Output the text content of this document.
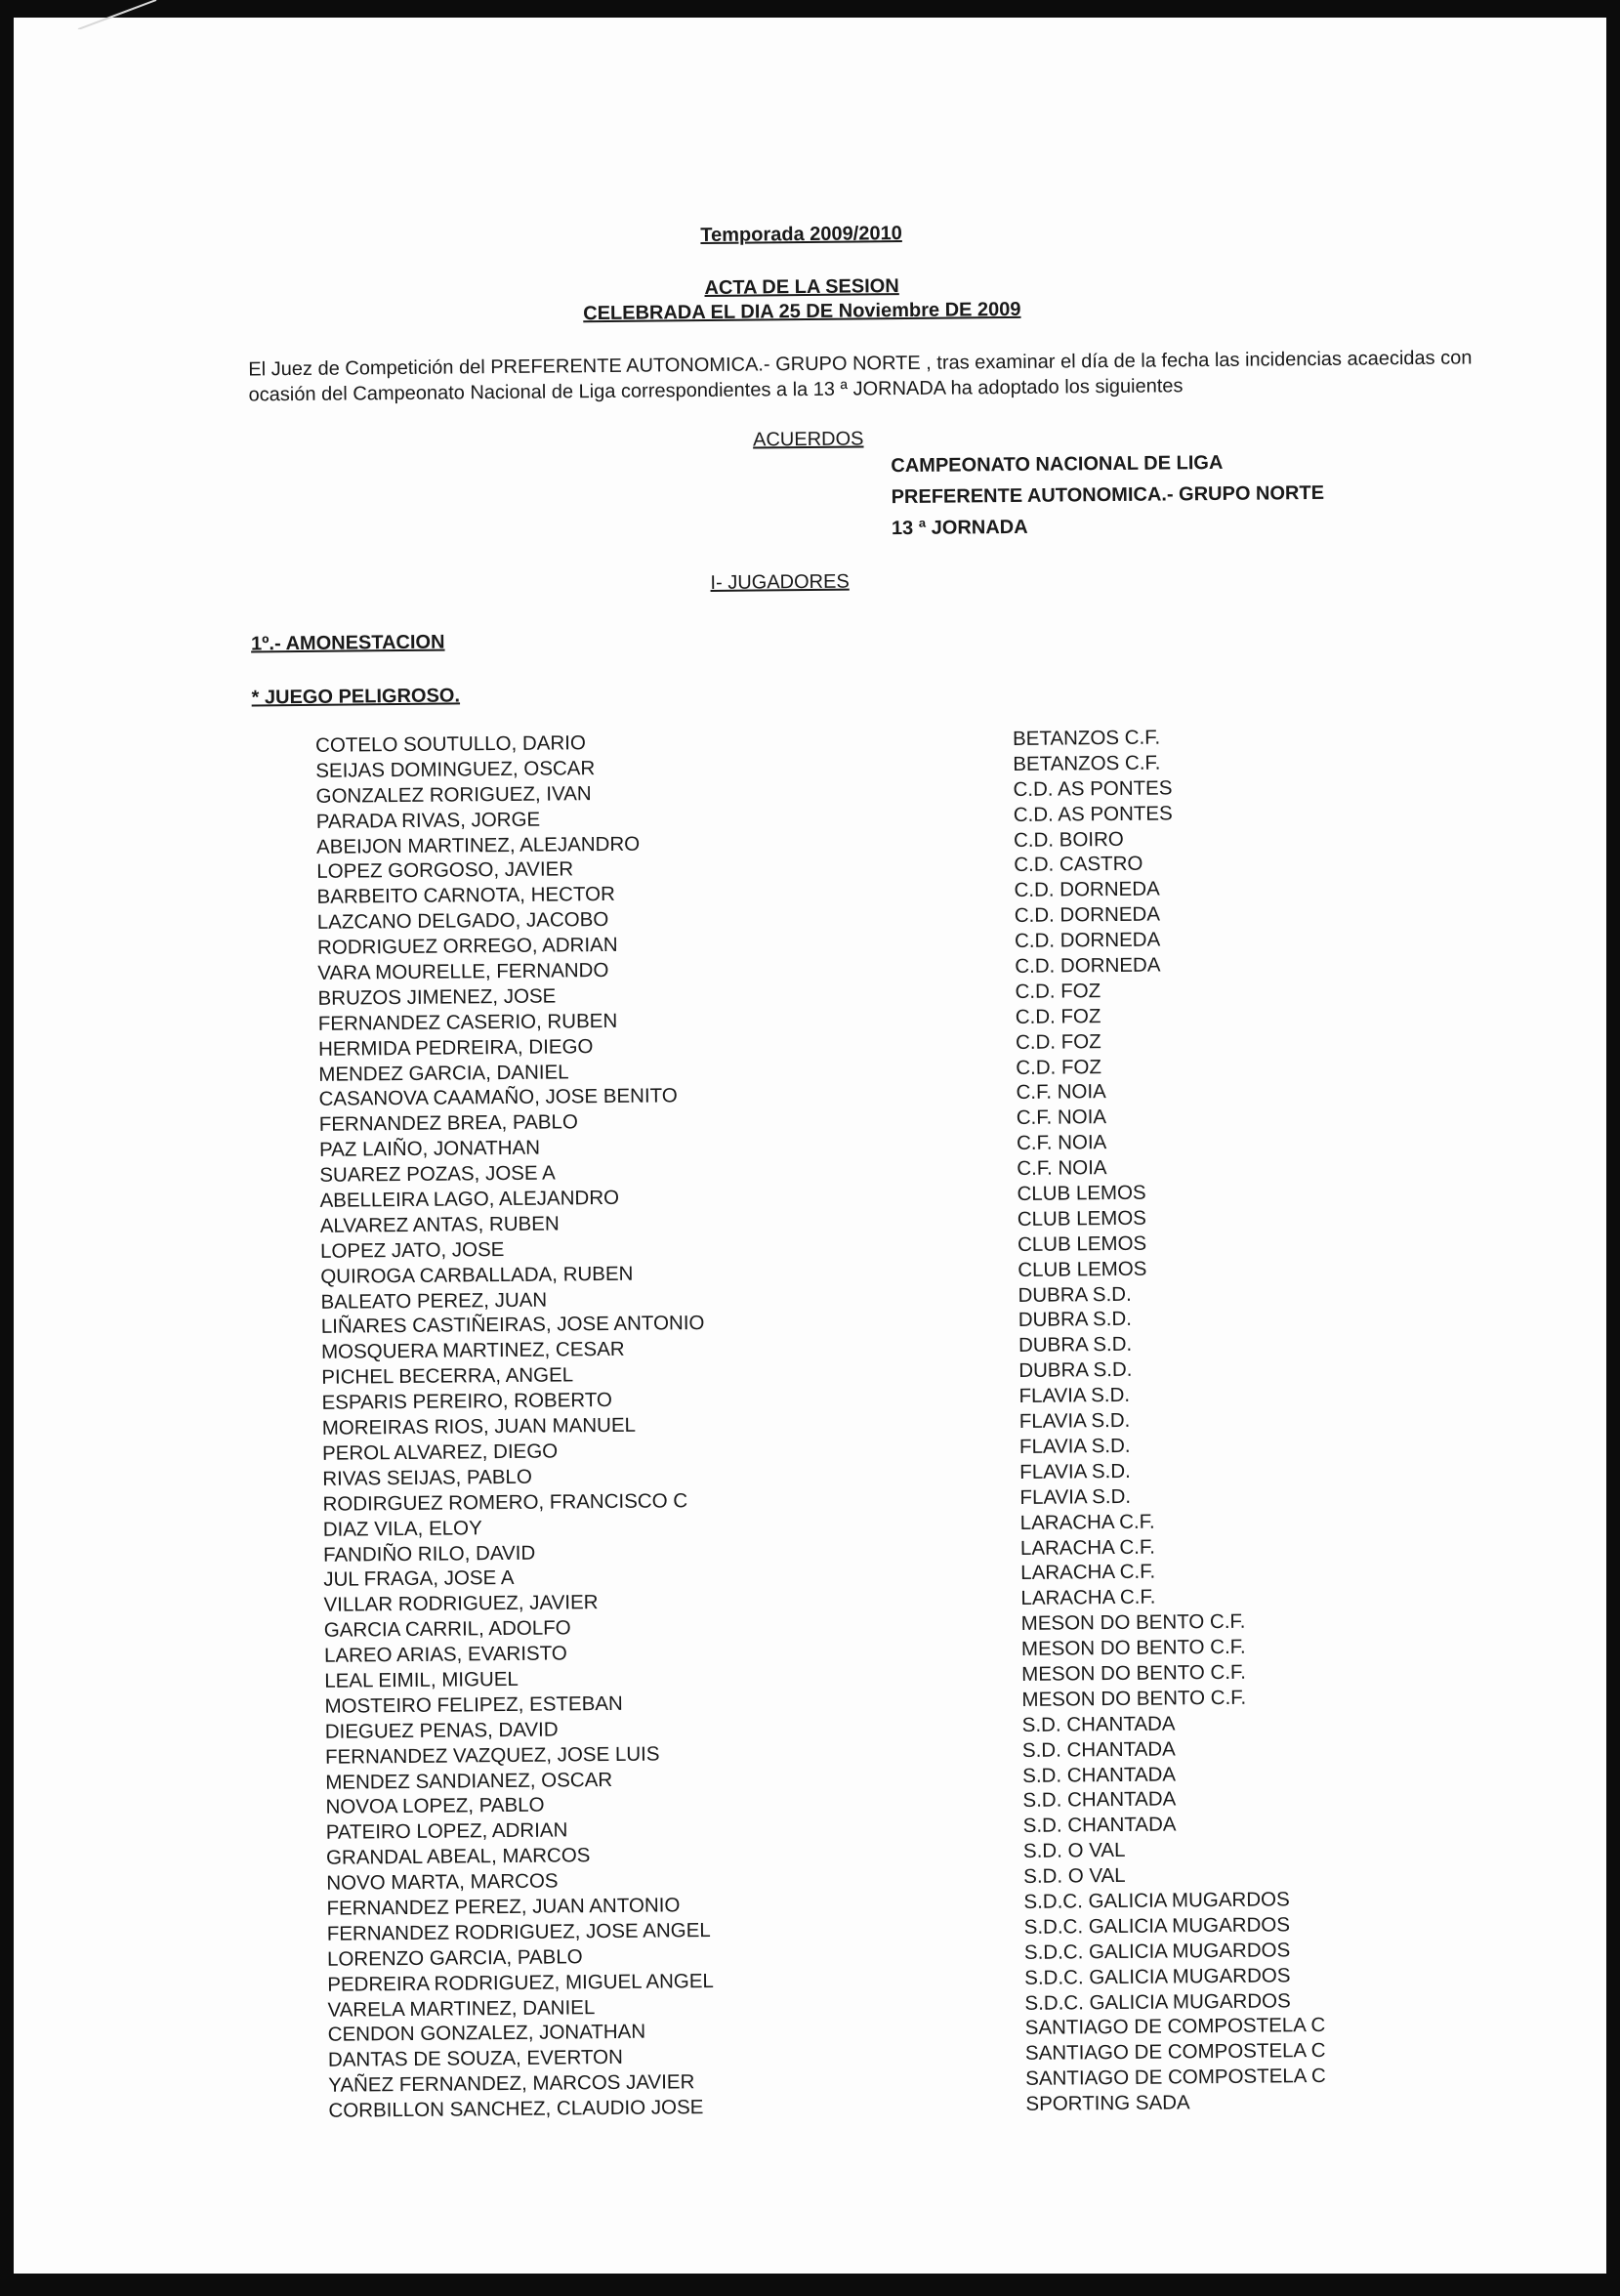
Temporada 2009/2010
ACTA DE LA SESION
CELEBRADA EL DIA 25 DE Noviembre DE 2009
El Juez de Competición del PREFERENTE AUTONOMICA.- GRUPO NORTE , tras examinar el día de la fecha las incidencias acaecidas con ocasión del Campeonato Nacional de Liga correspondientes a la 13 ª JORNADA ha adoptado los siguientes
ACUERDOS
CAMPEONATO NACIONAL DE LIGA
PREFERENTE AUTONOMICA.- GRUPO NORTE
13 ª JORNADA
I- JUGADORES
1º.- AMONESTACION
* JUEGO PELIGROSO.
COTELO SOUTULLO, DARIO
SEIJAS DOMINGUEZ, OSCAR
GONZALEZ RORIGUEZ, IVAN
PARADA RIVAS, JORGE
ABEIJON MARTINEZ, ALEJANDRO
LOPEZ GORGOSO, JAVIER
BARBEITO CARNOTA, HECTOR
LAZCANO DELGADO, JACOBO
RODRIGUEZ ORREGO, ADRIAN
VARA MOURELLE, FERNANDO
BRUZOS JIMENEZ, JOSE
FERNANDEZ CASERIO, RUBEN
HERMIDA PEDREIRA, DIEGO
MENDEZ GARCIA, DANIEL
CASANOVA CAAMAÑO, JOSE BENITO
FERNANDEZ BREA, PABLO
PAZ LAIÑO, JONATHAN
SUAREZ POZAS, JOSE A
ABELLEIRA LAGO, ALEJANDRO
ALVAREZ ANTAS, RUBEN
LOPEZ JATO, JOSE
QUIROGA CARBALLADA, RUBEN
BALEATO PEREZ, JUAN
LIÑARES CASTIÑEIRAS, JOSE ANTONIO
MOSQUERA MARTINEZ, CESAR
PICHEL BECERRA, ANGEL
ESPARIS PEREIRO, ROBERTO
MOREIRAS RIOS, JUAN MANUEL
PEROL ALVAREZ, DIEGO
RIVAS SEIJAS, PABLO
RODIRGUEZ ROMERO, FRANCISCO C
DIAZ VILA, ELOY
FANDIÑO RILO, DAVID
JUL FRAGA, JOSE A
VILLAR RODRIGUEZ, JAVIER
GARCIA CARRIL, ADOLFO
LAREO ARIAS, EVARISTO
LEAL EIMIL, MIGUEL
MOSTEIRO FELIPEZ, ESTEBAN
DIEGUEZ PENAS, DAVID
FERNANDEZ VAZQUEZ, JOSE LUIS
MENDEZ SANDIANEZ, OSCAR
NOVOA LOPEZ, PABLO
PATEIRO LOPEZ, ADRIAN
GRANDAL ABEAL, MARCOS
NOVO MARTA, MARCOS
FERNANDEZ PEREZ, JUAN ANTONIO
FERNANDEZ RODRIGUEZ, JOSE ANGEL
LORENZO GARCIA, PABLO
PEDREIRA RODRIGUEZ, MIGUEL ANGEL
VARELA MARTINEZ, DANIEL
CENDON GONZALEZ, JONATHAN
DANTAS DE SOUZA, EVERTON
YAÑEZ FERNANDEZ, MARCOS JAVIER
CORBILLON SANCHEZ, CLAUDIO JOSE
BETANZOS C.F.
BETANZOS C.F.
C.D. AS PONTES
C.D. AS PONTES
C.D. BOIRO
C.D. CASTRO
C.D. DORNEDA
C.D. DORNEDA
C.D. DORNEDA
C.D. DORNEDA
C.D. FOZ
C.D. FOZ
C.D. FOZ
C.D. FOZ
C.F. NOIA
C.F. NOIA
C.F. NOIA
C.F. NOIA
CLUB LEMOS
CLUB LEMOS
CLUB LEMOS
CLUB LEMOS
DUBRA S.D.
DUBRA S.D.
DUBRA S.D.
DUBRA S.D.
FLAVIA S.D.
FLAVIA S.D.
FLAVIA S.D.
FLAVIA S.D.
FLAVIA S.D.
LARACHA C.F.
LARACHA C.F.
LARACHA C.F.
LARACHA C.F.
MESON DO BENTO C.F.
MESON DO BENTO C.F.
MESON DO BENTO C.F.
MESON DO BENTO C.F.
S.D. CHANTADA
S.D. CHANTADA
S.D. CHANTADA
S.D. CHANTADA
S.D. CHANTADA
S.D. O VAL
S.D. O VAL
S.D.C. GALICIA MUGARDOS
S.D.C. GALICIA MUGARDOS
S.D.C. GALICIA MUGARDOS
S.D.C. GALICIA MUGARDOS
S.D.C. GALICIA MUGARDOS
SANTIAGO DE COMPOSTELA C
SANTIAGO DE COMPOSTELA C
SANTIAGO DE COMPOSTELA C
SPORTING SADA
